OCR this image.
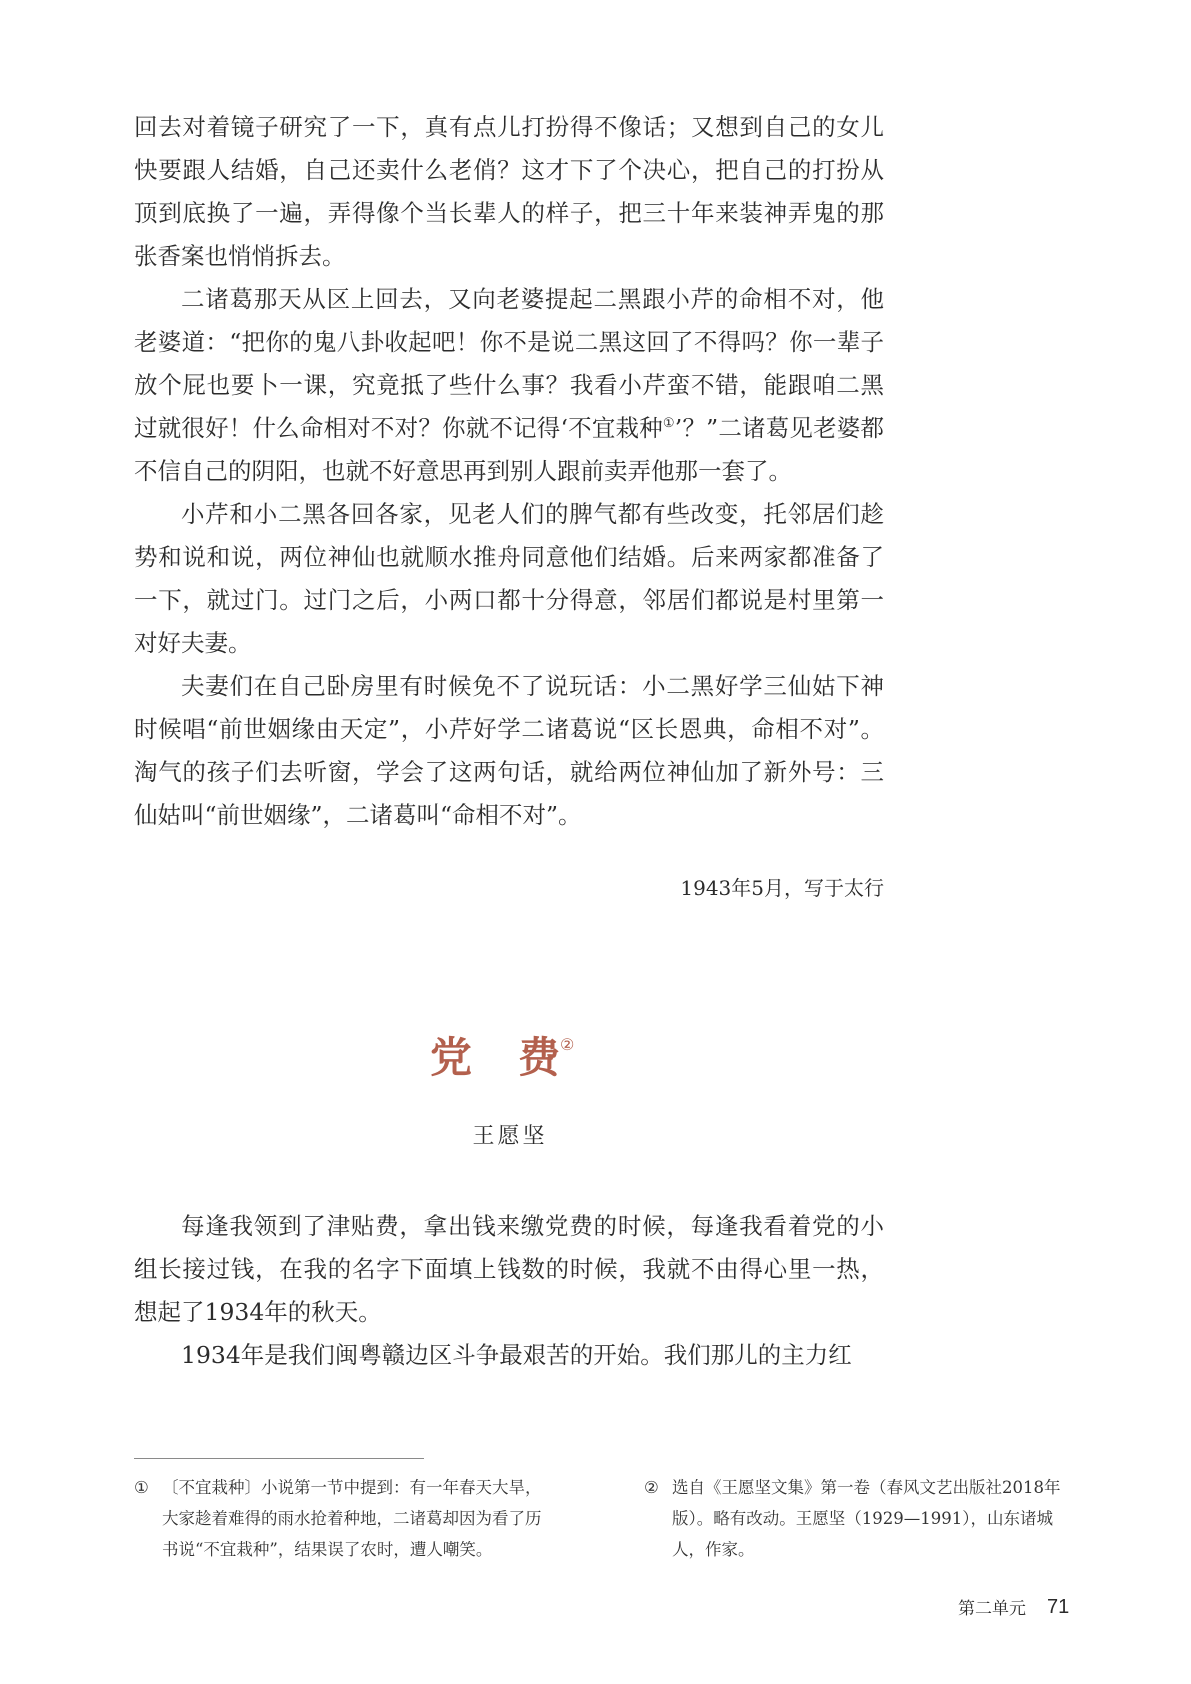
回去对着镜子研究了一下，真有点儿打扮得不像话；又想到自己的女儿快要跟人结婚，自己还卖什么老俏？这才下了个决心，把自己的打扮从顶到底换了一遍，弄得像个当长辈人的样子，把三十年来装神弄鬼的那张香案也悄悄拆去。

二诸葛那天从区上回去，又向老婆提起二黑跟小芹的命相不对，他老婆道：“把你的鬼八卦收起吧！你不是说二黑这回了不得吗？你一辈子放个屁也要卜一课，究竟抵了些什么事？我看小芹蛮不错，能跟咱二黑过就很好！什么命相对不对？你就不记得‘不宜栽种①’？”二诸葛见老婆都不信自己的阴阳，也就不好意思再到别人跟前卖弄他那一套了。

小芹和小二黑各回各家，见老人们的脾气都有些改变，托邻居们趁势和说和说，两位神仙也就顺水推舟同意他们结婚。后来两家都准备了一下，就过门。过门之后，小两口都十分得意，邻居们都说是村里第一对好夫妻。

夫妻们在自己卧房里有时候免不了说玩话：小二黑好学三仙姑下神时候唱“前世姻缘由天定”，小芹好学二诸葛说“区长恩典，命相不对”。淘气的孩子们去听窗，学会了这两句话，就给两位神仙加了新外号：三仙姑叫“前世姻缘”，二诸葛叫“命相不对”。

1943年5月，写于太行
党 费②
王愿坚

每逢我领到了津贴费，拿出钱来缴党费的时候，每逢我看着党的小组长接过钱，在我的名字下面填上钱数的时候，我就不由得心里一热，想起了1934年的秋天。

1934年是我们闽粤赣边区斗争最艰苦的开始。我们那儿的主力红

① 〔不宜栽种〕小说第一节中提到：有一年春天大旱，大家趁着难得的雨水抢着种地，二诸葛却因为看了历书说“不宜栽种”，结果误了农时，遭人嘲笑。
② 选自《王愿坚文集》第一卷（春风文艺出版社2018年版）。略有改动。王愿坚（1929—1991），山东诸城人，作家。
第二单元 71
